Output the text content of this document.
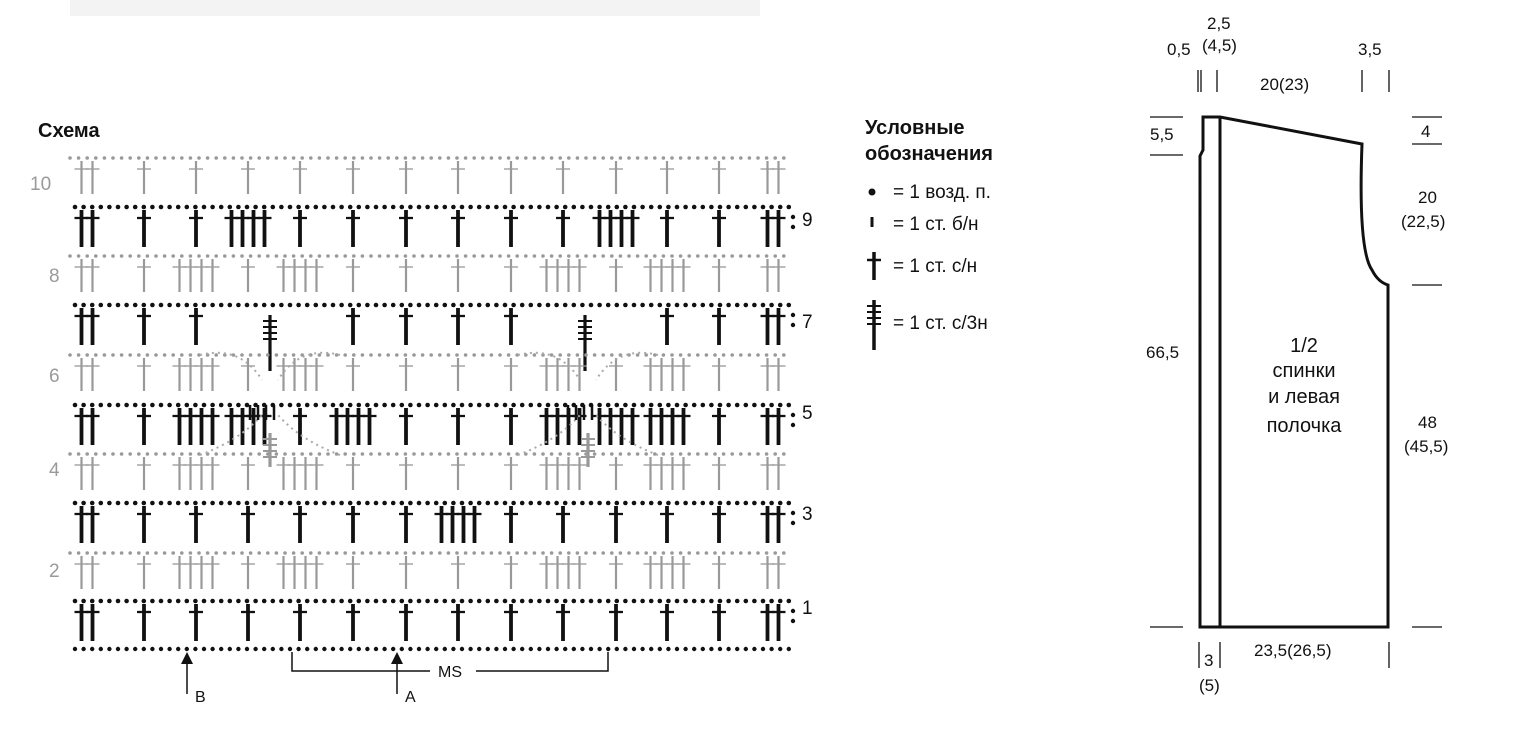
Схема
10
9
8
7
6
5
4
3
2
1
B	A
MS
Условные
обозначения
= 1 возд. п.
= 1 ст. б/н
= 1 ст. с/н
= 1 ст. с/3н
0,5
2,5
(4,5)
20(23)
3,5
5,5
66,5
4
20
(22,5)
48
(45,5)
3
(5)
23,5(26,5)
1/2
спинки
и левая
полочка
